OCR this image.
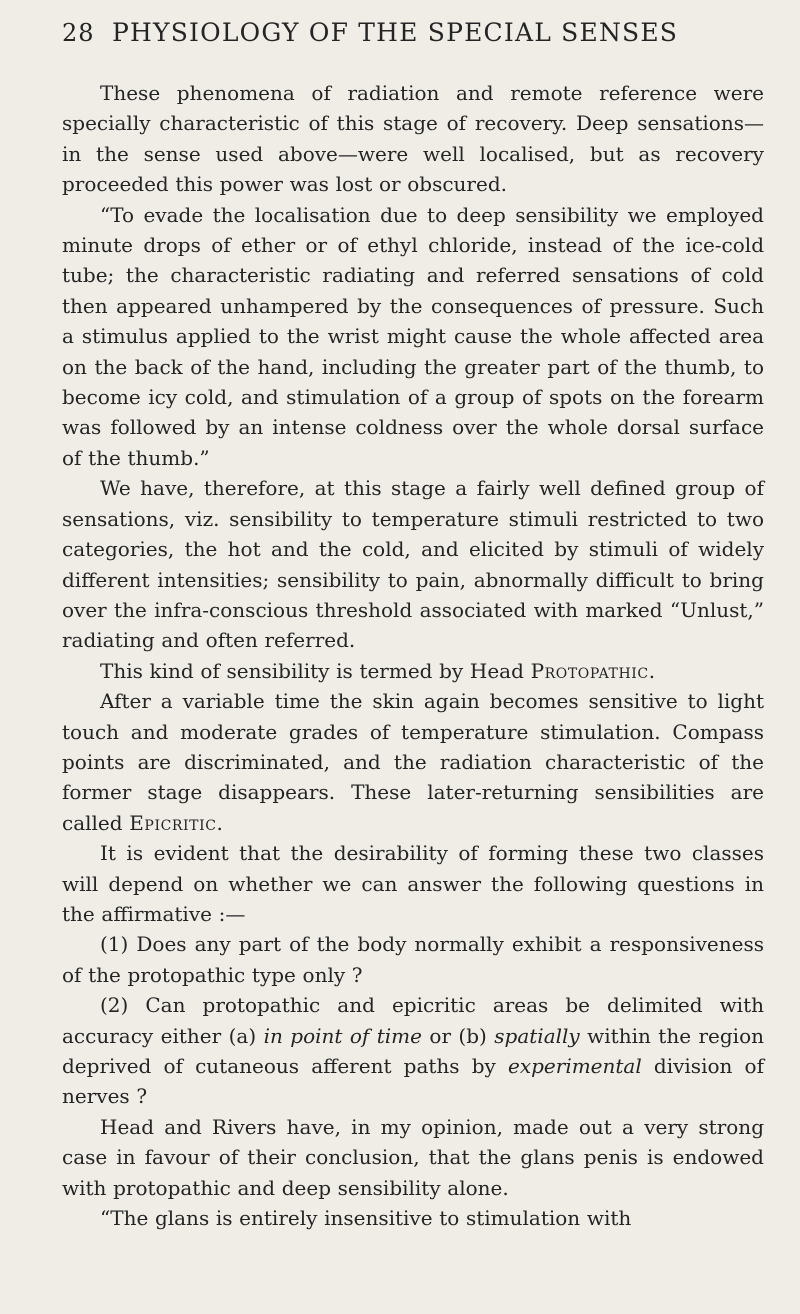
28 PHYSIOLOGY OF THE SPECIAL SENSES

These phenomena of radiation and remote reference were specially characteristic of this stage of recovery. Deep sensations—in the sense used above—were well localised, but as recovery proceeded this power was lost or obscured.

“To evade the localisation due to deep sensibility we employed minute drops of ether or of ethyl chloride, instead of the ice-cold tube; the characteristic radiating and referred sensations of cold then appeared unhampered by the consequences of pressure. Such a stimulus applied to the wrist might cause the whole affected area on the back of the hand, including the greater part of the thumb, to become icy cold, and stimulation of a group of spots on the forearm was followed by an intense coldness over the whole dorsal surface of the thumb.”

We have, therefore, at this stage a fairly well defined group of sensations, viz. sensibility to temperature stimuli restricted to two categories, the hot and the cold, and elicited by stimuli of widely different intensities; sensibility to pain, abnormally difficult to bring over the infra-conscious threshold associated with marked “Unlust,” radiating and often referred.

This kind of sensibility is termed by Head Protopathic.

After a variable time the skin again becomes sensitive to light touch and moderate grades of temperature stimulation. Compass points are discriminated, and the radiation characteristic of the former stage disappears. These later-returning sensibilities are called Epicritic.

It is evident that the desirability of forming these two classes will depend on whether we can answer the following questions in the affirmative :—

(1) Does any part of the body normally exhibit a responsiveness of the protopathic type only ?

(2) Can protopathic and epicritic areas be delimited with accuracy either (a) in point of time or (b) spatially within the region deprived of cutaneous afferent paths by experimental division of nerves ?

Head and Rivers have, in my opinion, made out a very strong case in favour of their conclusion, that the glans penis is endowed with protopathic and deep sensibility alone.

“The glans is entirely insensitive to stimulation with
